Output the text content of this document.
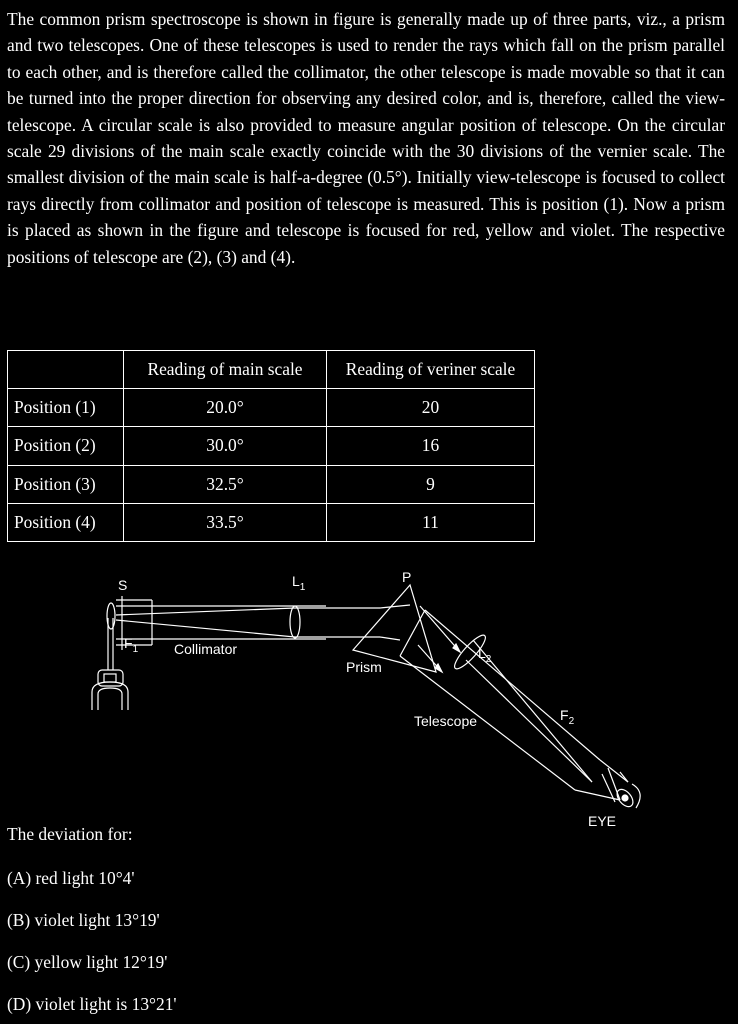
The common prism spectroscope is shown in figure is generally made up of three parts, viz., a prism and two telescopes. One of these telescopes is used to render the rays which fall on the prism parallel to each other, and is therefore called the collimator, the other telescope is made movable so that it can be turned into the proper direction for observing any desired color, and is, therefore, called the view-telescope. A circular scale is also provided to measure angular position of telescope. On the circular scale 29 divisions of the main scale exactly coincide with the 30 divisions of the vernier scale. The smallest division of the main scale is half-a-degree (0.5°). Initially view-telescope is focused to collect rays directly from collimator and position of telescope is measured. This is position (1). Now a prism is placed as shown in the figure and telescope is focused for red, yellow and violet. The respective positions of telescope are (2), (3) and (4).
	Reading of main scale	Reading of veriner scale
Position (1)	20.0°	20
Position (2)	30.0°	16
Position (3)	32.5°	9
Position (4)	33.5°	11
S
$F_1$
$L_1$
P
$L_2$
$F_2$
Collimator
Prism
Telescope
EYE
The deviation for:
(A) red light 10°4'
(B) violet light 13°19'
(C) yellow light 12°19'
(D) violet light is 13°21'
